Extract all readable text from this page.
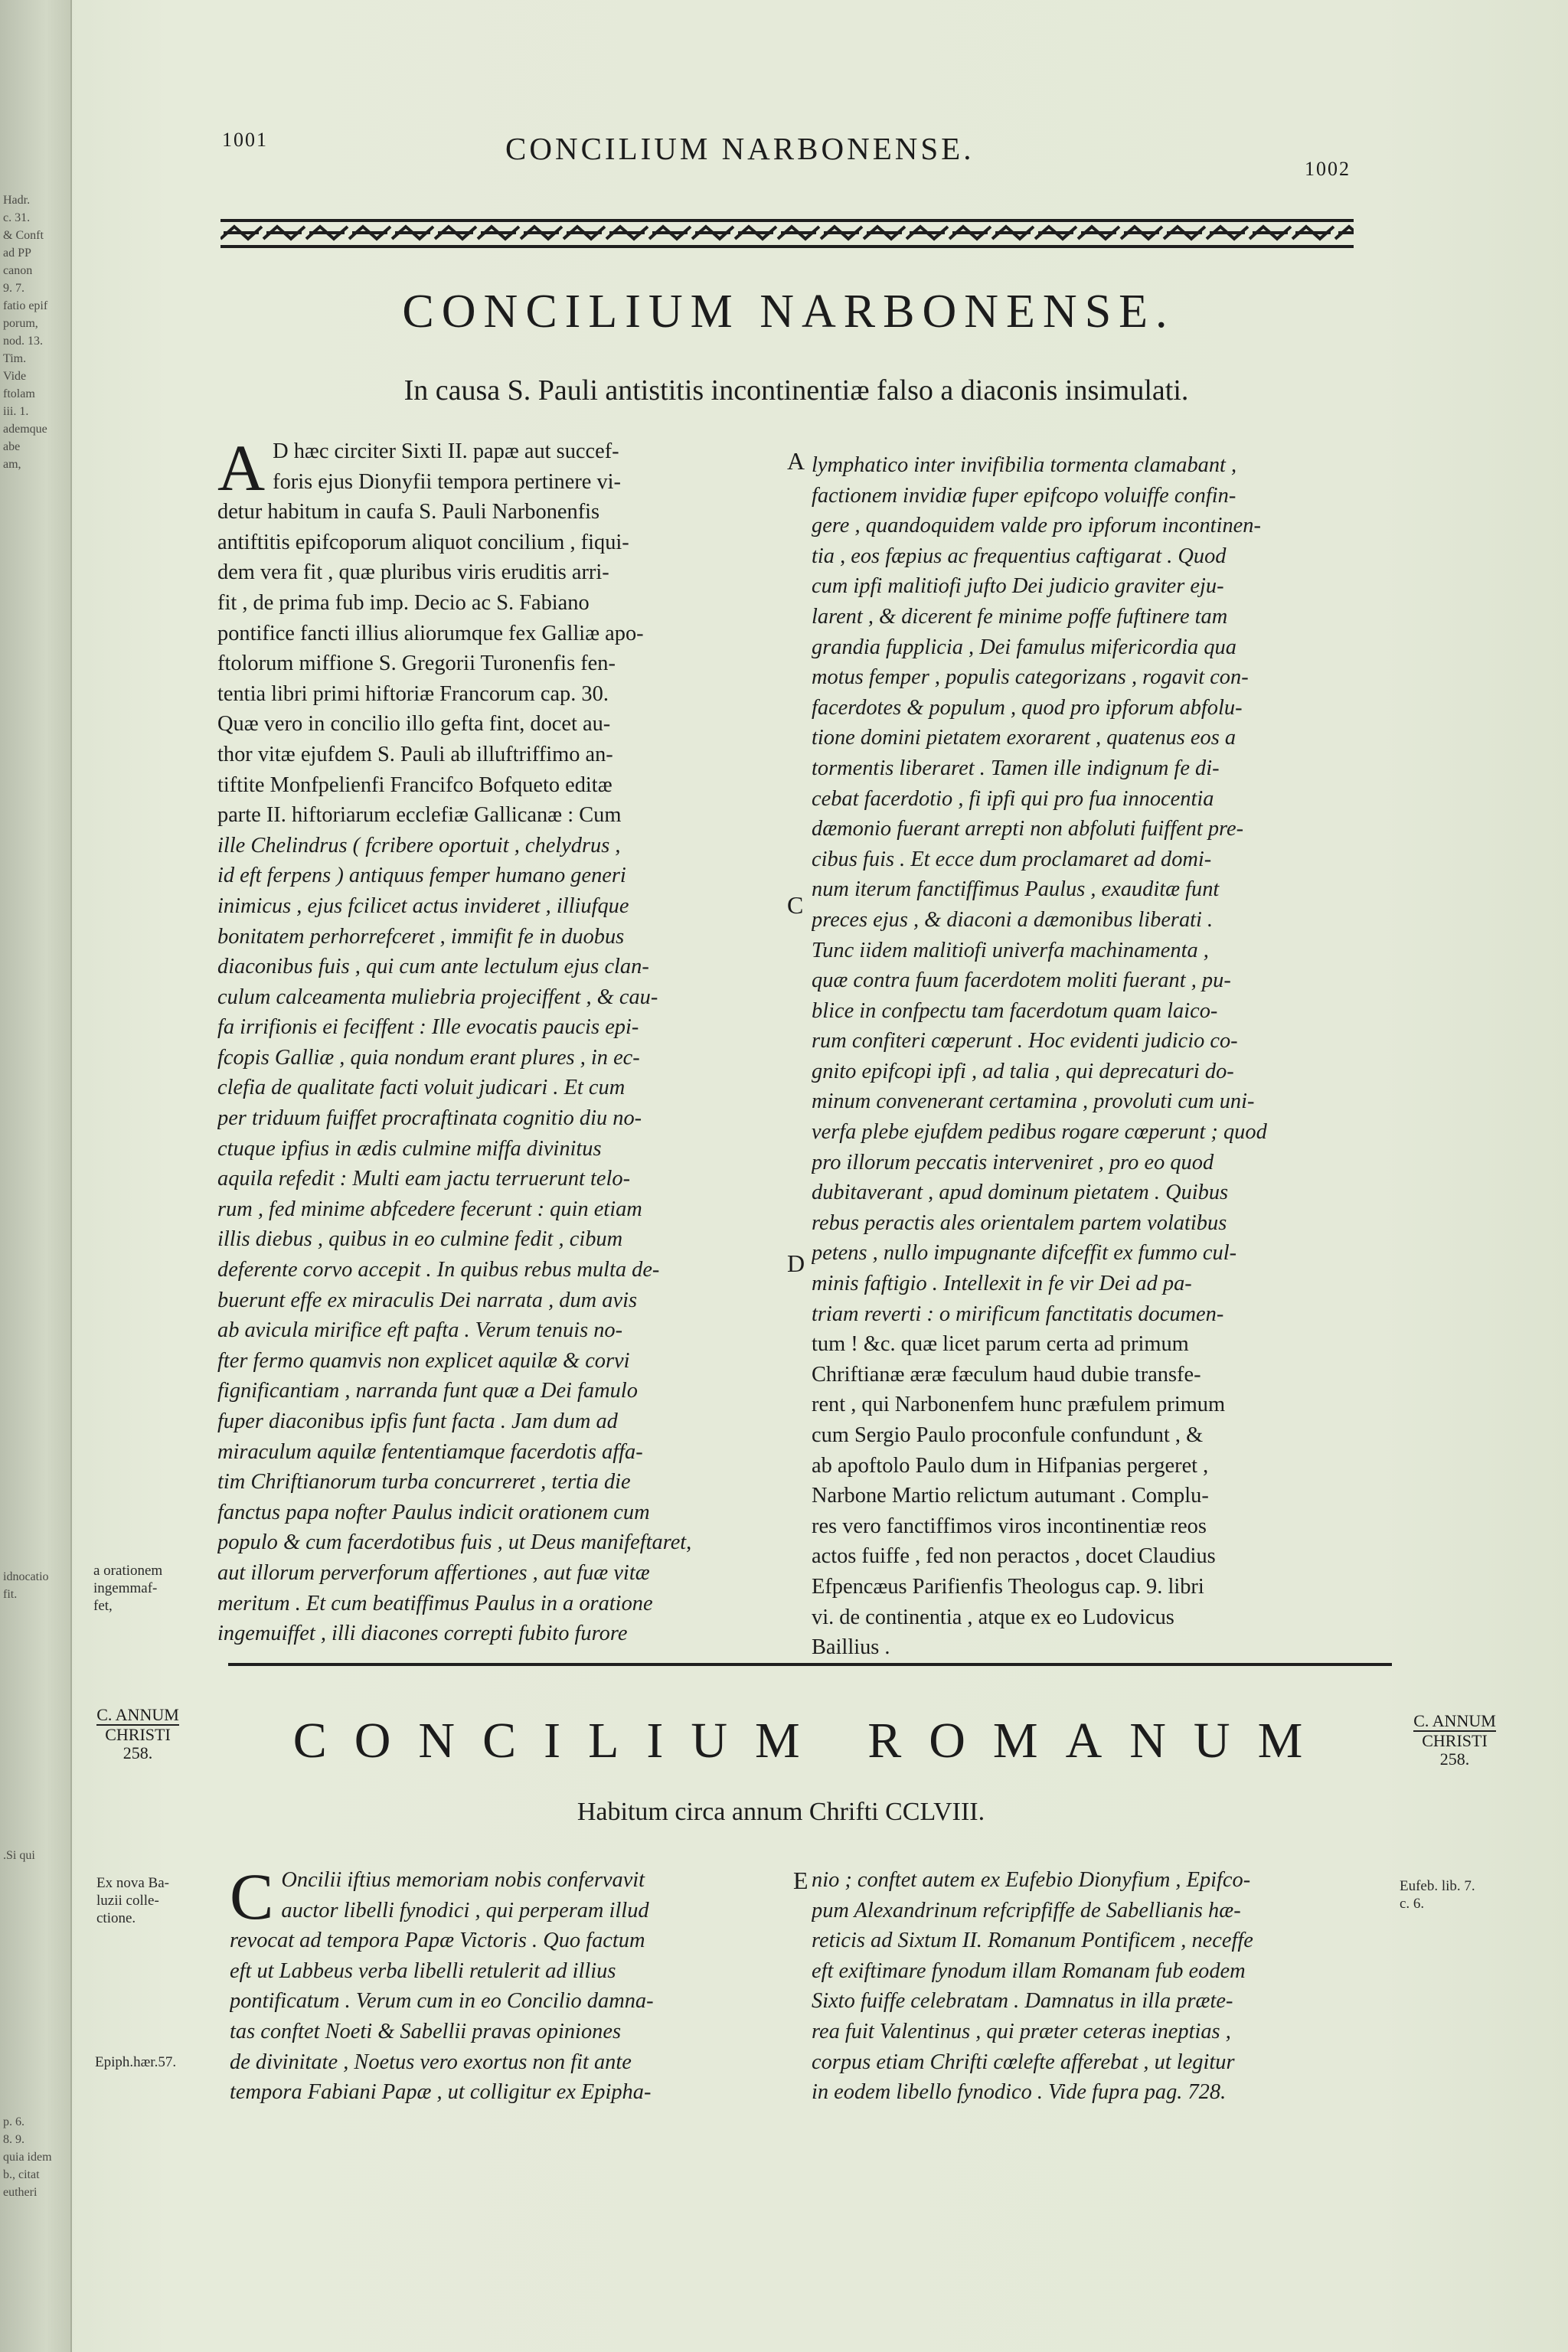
Hadr.
c. 31.
& Conft
ad PP
canon
9. 7.
fatio epif
porum,
nod. 13.
Tim.
Vide
ftolam
iii. 1.
ademque
abe
am,
idnocatio
fit.
.Si qui
p. 6.
8. 9.
quia idem
b., citat
eutheri
1001	CONCILIUM NARBONENSE.
1002
CONCILIUM NARBONENSE.
In causa S. Pauli antistitis incontinentiæ falso a diaconis insimulati.
A D hæc circiter Sixti II. papæ aut succef-
foris ejus Dionyfii tempora pertinere vi-
detur habitum in caufa S. Pauli Narbonenfis
antiftitis epifcoporum aliquot concilium , fiqui-
dem vera fit , quæ pluribus viris eruditis arri-
fit , de prima fub imp. Decio ac S. Fabiano
pontifice fancti illius aliorumque fex Galliæ apo-
ftolorum miffione S. Gregorii Turonenfis fen-
tentia libri primi hiftoriæ Francorum cap. 30.
Quæ vero in concilio illo gefta fint, docet au-
thor vitæ ejufdem S. Pauli ab illuftriffimo an-
tiftite Monfpelienfi Francifco Bofqueto editæ
parte II. hiftoriarum ecclefiæ Gallicanæ : Cum
ille Chelindrus ( fcribere oportuit , chelydrus ,
id eft ferpens ) antiquus femper humano generi
inimicus , ejus fcilicet actus invideret , illiufque
bonitatem perhorrefceret , immifit fe in duobus
diaconibus fuis , qui cum ante lectulum ejus clan-
culum calceamenta muliebria projeciffent , & cau-
fa irrifionis ei feciffent : Ille evocatis paucis epi-
fcopis Galliæ , quia nondum erant plures , in ec-
clefia de qualitate facti voluit judicari . Et cum
per triduum fuiffet procraftinata cognitio diu no-
ctuque ipfius in ædis culmine miffa divinitus
aquila refedit : Multi eam jactu terruerunt telo-
rum , fed minime abfcedere fecerunt : quin etiam
illis diebus , quibus in eo culmine fedit , cibum
deferente corvo accepit . In quibus rebus multa de-
buerunt effe ex miraculis Dei narrata , dum avis
ab avicula mirifice eft pafta . Verum tenuis no-
fter fermo quamvis non explicet aquilæ & corvi
fignificantiam , narranda funt quæ a Dei famulo
fuper diaconibus ipfis funt facta . Jam dum ad
miraculum aquilæ fententiamque facerdotis affa-
tim Chriftianorum turba concurreret , tertia die
fanctus papa nofter Paulus indicit orationem cum
populo & cum facerdotibus fuis , ut Deus manifeftaret,
aut illorum perverforum affertiones , aut fuæ vitæ
meritum . Et cum beatiffimus Paulus in a oratione
ingemuiffet , illi diacones correpti fubito furore
lymphatico inter invifibilia tormenta clamabant ,
factionem invidiæ fuper epifcopo voluiffe confin-
gere , quandoquidem valde pro ipforum incontinen-
tia , eos fæpius ac frequentius caftigarat . Quod
cum ipfi malitiofi jufto Dei judicio graviter eju-
larent , & dicerent fe minime poffe fuftinere tam
grandia fupplicia , Dei famulus mifericordia qua
motus femper , populis categorizans , rogavit con-
facerdotes & populum , quod pro ipforum abfolu-
tione domini pietatem exorarent , quatenus eos a
tormentis liberaret . Tamen ille indignum fe di-
cebat facerdotio , fi ipfi qui pro fua innocentia
dæmonio fuerant arrepti non abfoluti fuiffent pre-
cibus fuis . Et ecce dum proclamaret ad domi-
num iterum fanctiffimus Paulus , exauditæ funt
preces ejus , & diaconi a dæmonibus liberati .
Tunc iidem malitiofi univerfa machinamenta ,
quæ contra fuum facerdotem moliti fuerant , pu-
blice in confpectu tam facerdotum quam laico-
rum confiteri cœperunt . Hoc evidenti judicio co-
gnito epifcopi ipfi , ad talia , qui deprecaturi do-
minum convenerant certamina , provoluti cum uni-
verfa plebe ejufdem pedibus rogare cœperunt ; quod
pro illorum peccatis interveniret , pro eo quod
dubitaverant , apud dominum pietatem . Quibus
rebus peractis ales orientalem partem volatibus
petens , nullo impugnante difceffit ex fummo cul-
minis faftigio . Intellexit in fe vir Dei ad pa-
triam reverti : o mirificum fanctitatis documen-
tum ! &c. quæ licet parum certa ad primum
Chriftianæ æræ fæculum haud dubie transfe-
rent , qui Narbonenfem hunc præfulem primum
cum Sergio Paulo proconfule confundunt , &
ab apoftolo Paulo dum in Hifpanias pergeret ,
Narbone Martio relictum autumant . Complu-
res vero fanctiffimos viros incontinentiæ reos
actos fuiffe , fed non peractos , docet Claudius
Efpencæus Parifienfis Theologus cap. 9. libri
vi. de continentia , atque ex eo Ludovicus
Baillius .
A
C
D
a orationem
ingemmaf-
fet,
C. ANNUM
CHRISTI
258.
C. ANNUM
CHRISTI
258.
CONCILIUM ROMANUM
Habitum circa annum Chrifti CCLVIII.
Ex nova Ba-
luzii colle-
ctione.
Epiph.hær.57.
Eufeb. lib. 7.
c. 6.
C Oncilii iftius memoriam nobis confervavit
auctor libelli fynodici , qui perperam illud
revocat ad tempora Papæ Victoris . Quo factum
eft ut Labbeus verba libelli retulerit ad illius
pontificatum . Verum cum in eo Concilio damna-
tas conftet Noeti & Sabellii pravas opiniones
de divinitate , Noetus vero exortus non fit ante
tempora Fabiani Papæ , ut colligitur ex Epipha-
E nio ; conftet autem ex Eufebio Dionyfium , Epifco-
pum Alexandrinum refcripfiffe de Sabellianis hæ-
reticis ad Sixtum II. Romanum Pontificem , neceffe
eft exiftimare fynodum illam Romanam fub eodem
Sixto fuiffe celebratam . Damnatus in illa præte-
rea fuit Valentinus , qui præter ceteras ineptias ,
corpus etiam Chrifti cœlefte afferebat , ut legitur
in eodem libello fynodico . Vide fupra pag. 728.
